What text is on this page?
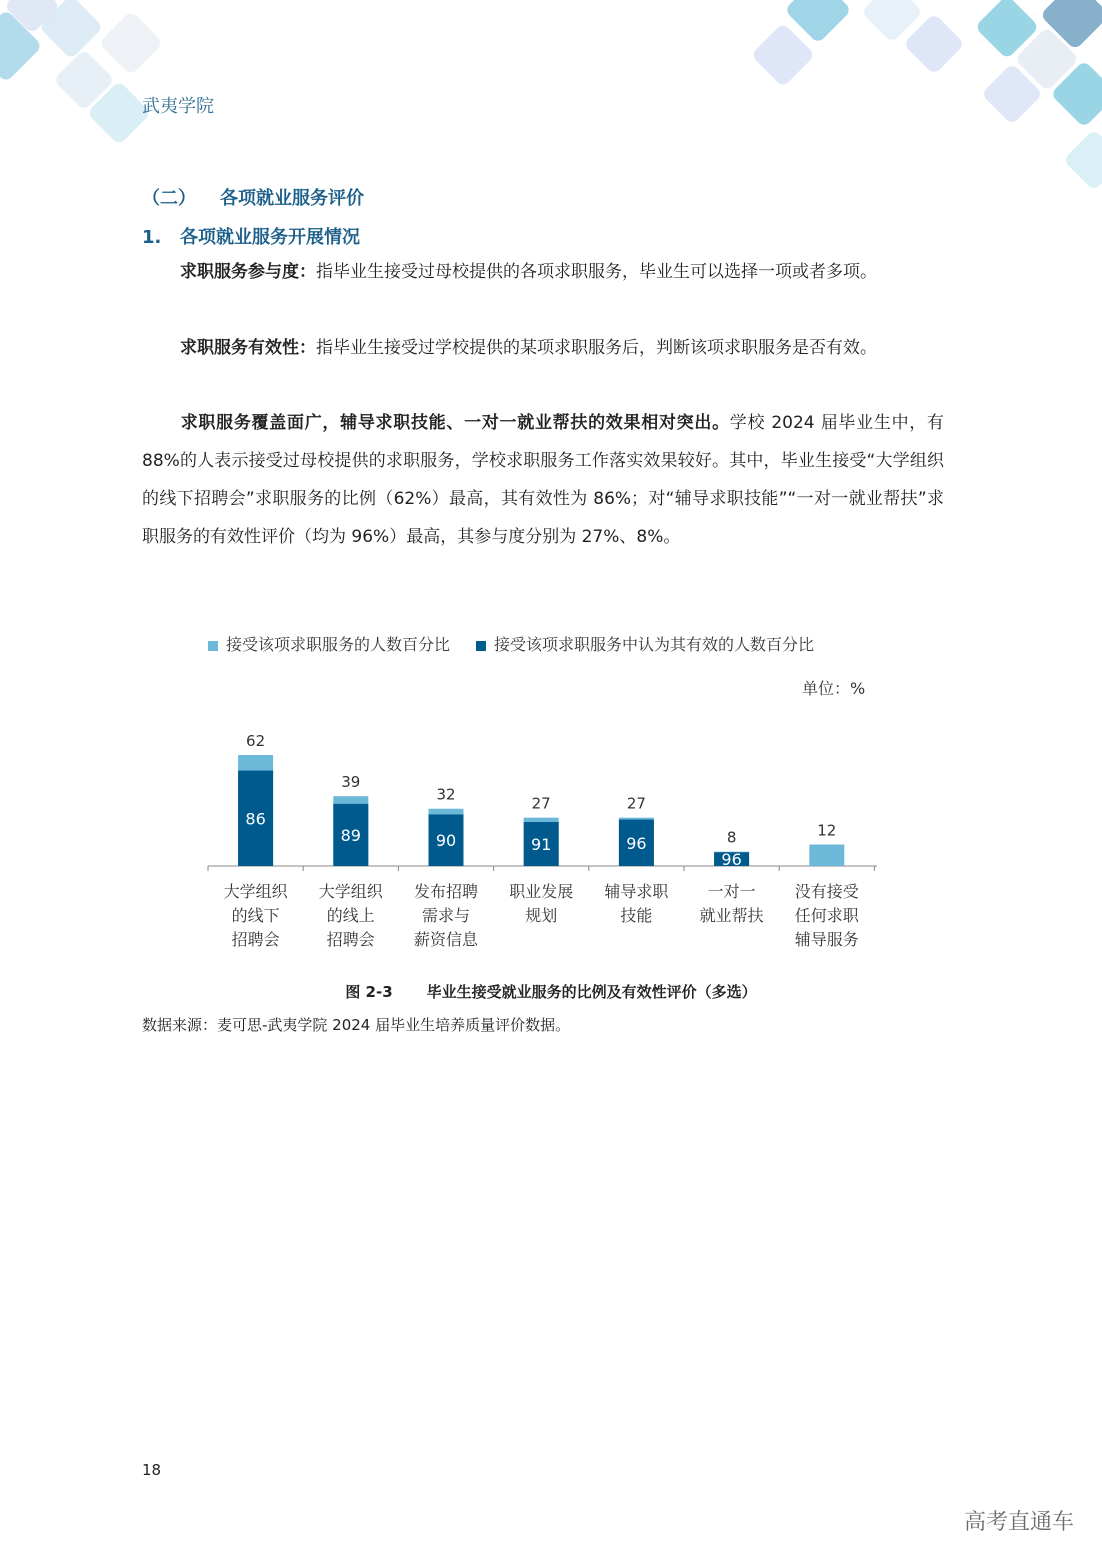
武夷学院
（二） 各项就业服务评价
1. 各项就业服务开展情况
求职服务参与度：指毕业生接受过母校提供的各项求职服务，毕业生可以选择一项或者多项。
求职服务有效性：指毕业生接受过学校提供的某项求职服务后，判断该项求职服务是否有效。
求职服务覆盖面广，辅导求职技能、一对一就业帮扶的效果相对突出。学校 2024 届毕业生中，有 88%的人表示接受过母校提供的求职服务，学校求职服务工作落实效果较好。其中，毕业生接受“大学组织的线下招聘会”求职服务的比例（62%）最高，其有效性为 86%；对“辅导求职技能”“一对一就业帮扶”求职服务的有效性评价（均为 96%）最高，其参与度分别为 27%、8%。
接受该项求职服务的人数百分比	接受该项求职服务中认为其有效的人数百分比
单位：%
86
62
大学组织
的线下
招聘会
89
39
大学组织
的线上
招聘会
90
32
发布招聘
需求与
薪资信息
91
27
职业发展
规划
96
27
辅导求职
技能
96
8
一对一
就业帮扶
12
没有接受
任何求职
辅导服务
图 2-3 毕业生接受就业服务的比例及有效性评价（多选）
数据来源：麦可思-武夷学院 2024 届毕业生培养质量评价数据。
18
高考直通车
